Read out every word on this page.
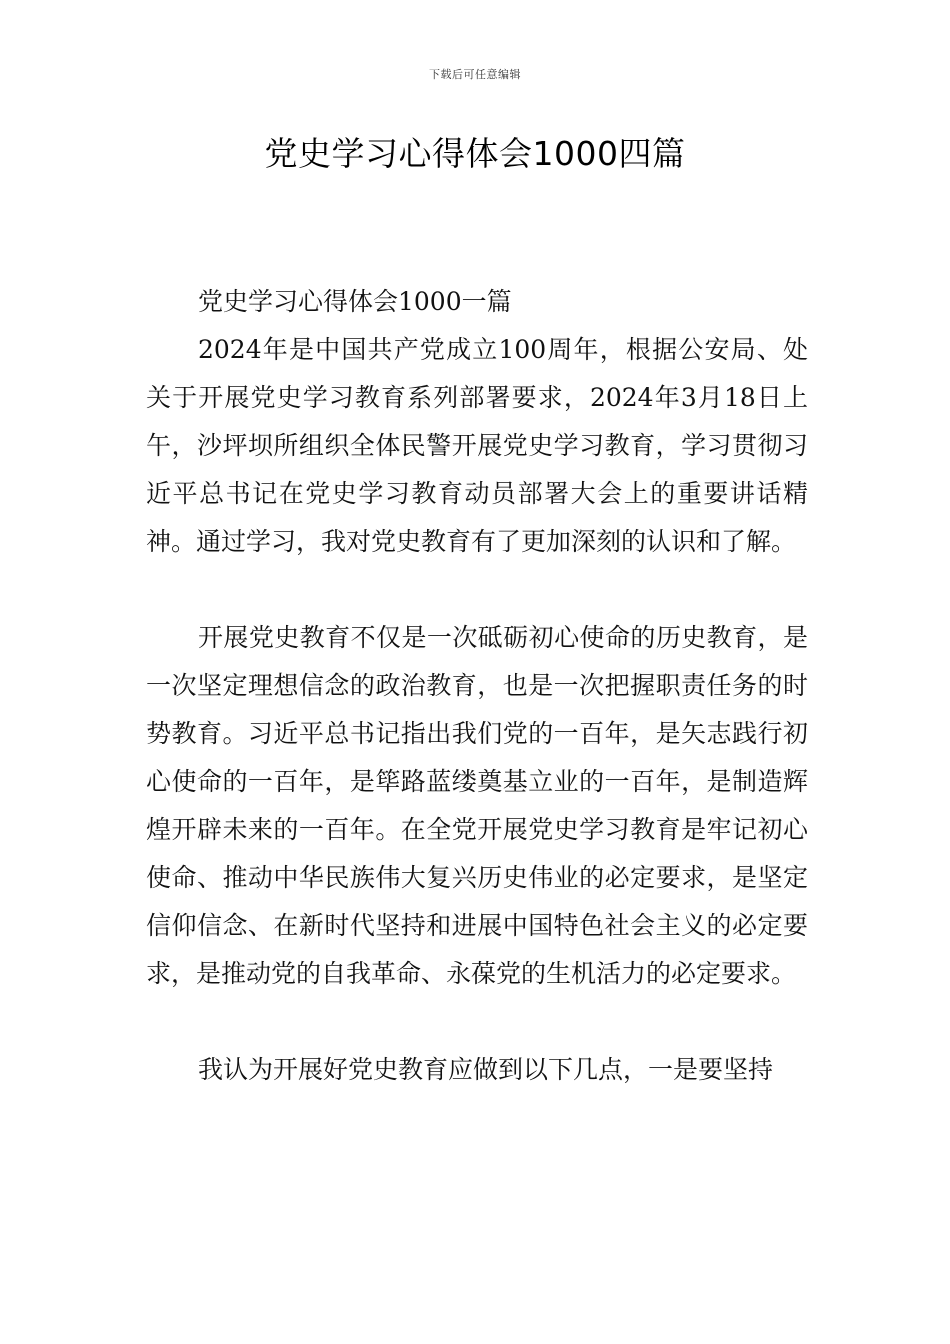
下载后可任意编辑
党史学习心得体会1000四篇

党史学习心得体会1000一篇

2024年是中国共产党成立100周年，根据公安局、处关于开展党史学习教育系列部署要求，2024年3月18日上午，沙坪坝所组织全体民警开展党史学习教育，学习贯彻习近平总书记在党史学习教育动员部署大会上的重要讲话精神。通过学习，我对党史教育有了更加深刻的认识和了解。

开展党史教育不仅是一次砥砺初心使命的历史教育，是一次坚定理想信念的政治教育，也是一次把握职责任务的时势教育。习近平总书记指出我们党的一百年，是矢志践行初心使命的一百年，是筚路蓝缕奠基立业的一百年，是制造辉煌开辟未来的一百年。在全党开展党史学习教育是牢记初心使命、推动中华民族伟大复兴历史伟业的必定要求，是坚定信仰信念、在新时代坚持和进展中国特色社会主义的必定要求，是推动党的自我革命、永葆党的生机活力的必定要求。

我认为开展好党史教育应做到以下几点，一是要坚持
